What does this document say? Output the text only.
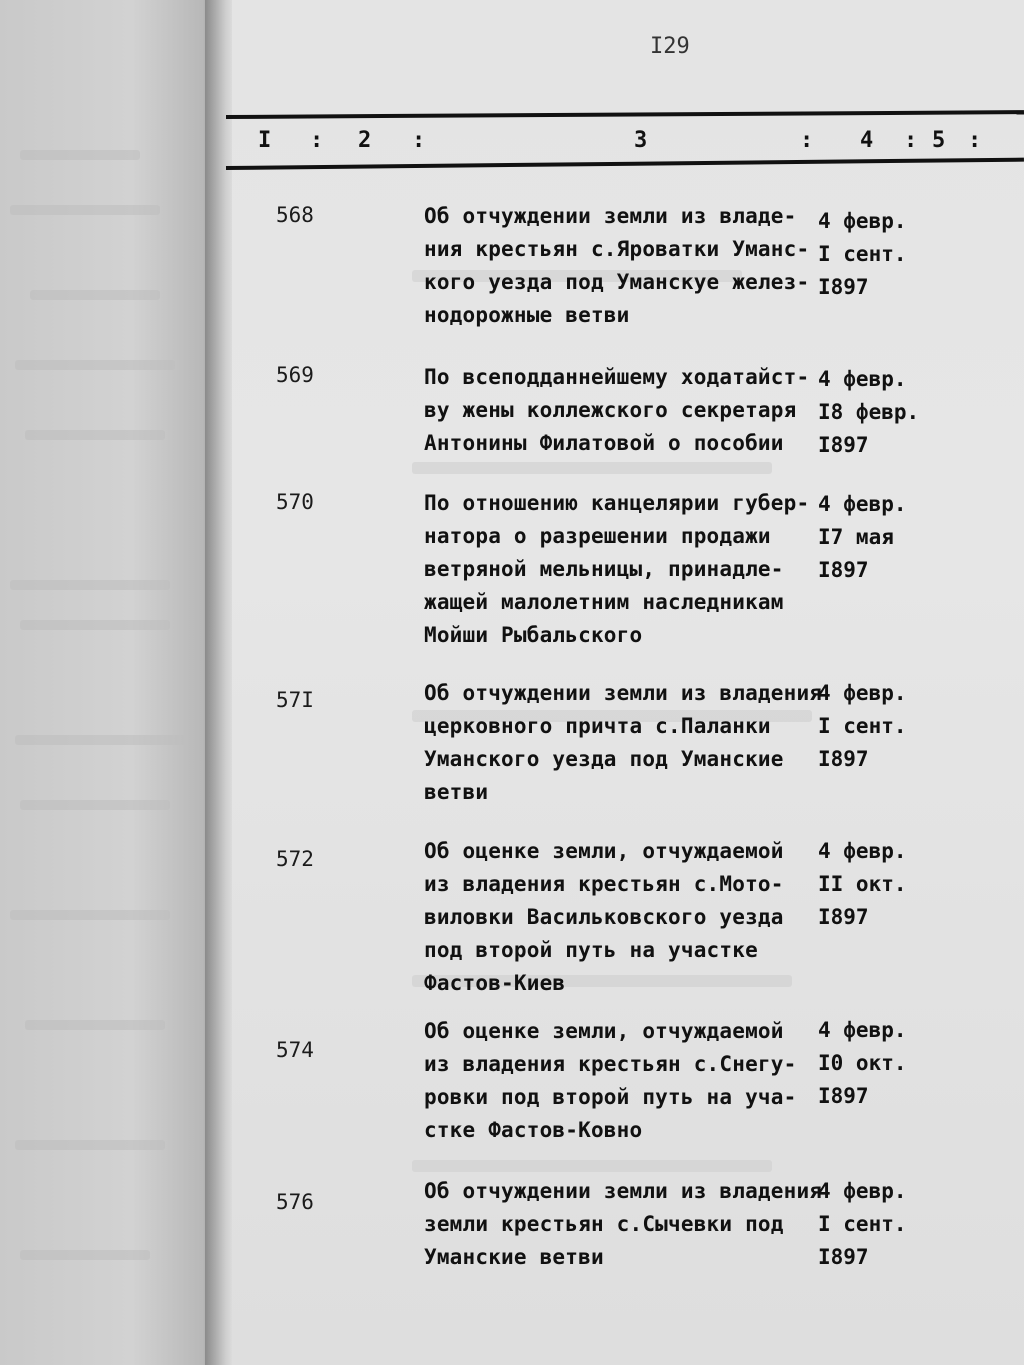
I29
I : 2 :	3	: 4 : 5 :
568	Об отчуждении земли из владе-
ния крестьян с.Яроватки Уманс-
кого уезда под Уманскуе желез-
нодорожные ветви
4 февр.
I сент.
I897
569	По всеподданнейшему ходатайст-
ву жены коллежского секретаря
Антонины Филатовой о пособии
4 февр.
I8 февр.
I897
570	По отношению канцелярии губер-
натора о разрешении продажи
ветряной мельницы, принадле-
жащей малолетним наследникам
Мойши Рыбальского
4 февр.
I7 мая
I897
57I	Об отчуждении земли из владения
церковного причта с.Паланки
Уманского уезда под Уманские
ветви
4 февр.
I сент.
I897
572	Об оценке земли, отчуждаемой
из владения крестьян с.Мото-
виловки Васильковского уезда
под второй путь на участке
Фастов-Киев
4 февр.
II окт.
I897
574
Об оценке земли, отчуждаемой
из владения крестьян с.Снегу-
ровки под второй путь на уча-
стке Фастов-Ковно
4 февр.
I0 окт.
I897
576	Об отчуждении земли из владения
земли крестьян с.Сычевки под
Уманские ветви
4 февр.
I сент.
I897
